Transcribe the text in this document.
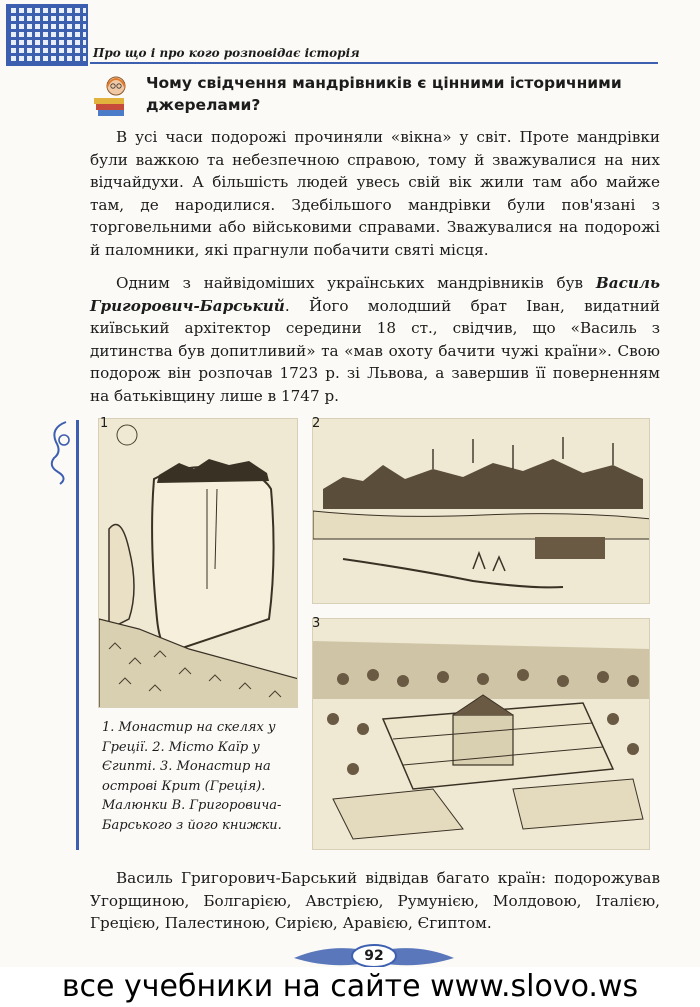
Про що і про кого розповідає історія
Чому свідчення мандрівників є цінними історичними джерелами?
В усі часи подорожі прочиняли «вікна» у світ. Проте мандрівки були важкою та небезпечною справою, тому й зважувалися на них відчайдухи. А більшість людей увесь свій вік жили там або майже там, де народилися. Здебільшого мандрівки були пов'язані з торговельними або військовими справами. Зважувалися на подорожі й паломники, які прагнули побачити святі місця.
Одним з найвідоміших українських мандрівників був Василь Григорович-Барський. Його молодший брат Іван, видатний київський архітектор середини 18 ст., свідчив, що «Василь з дитинства був допитливий» та «мав охоту бачити чужі країни». Свою подорож він розпочав 1723 р. зі Львова, а завершив її поверненням на батьківщину лише в 1747 р.
1	2
3
1. Монастир на скелях у Греції. 2. Місто Каїр у Єгипті. 3. Монастир на острові Крит (Греція). Малюнки В. Григоровича-Барського з його книжки.
Василь Григорович-Барський відвідав багато країн: подорожував Угорщиною, Болгарією, Австрією, Румунією, Молдовою, Італією, Грецією, Палестиною, Сирією, Аравією, Єгиптом.
92
все учебники на сайте www.slovo.ws
